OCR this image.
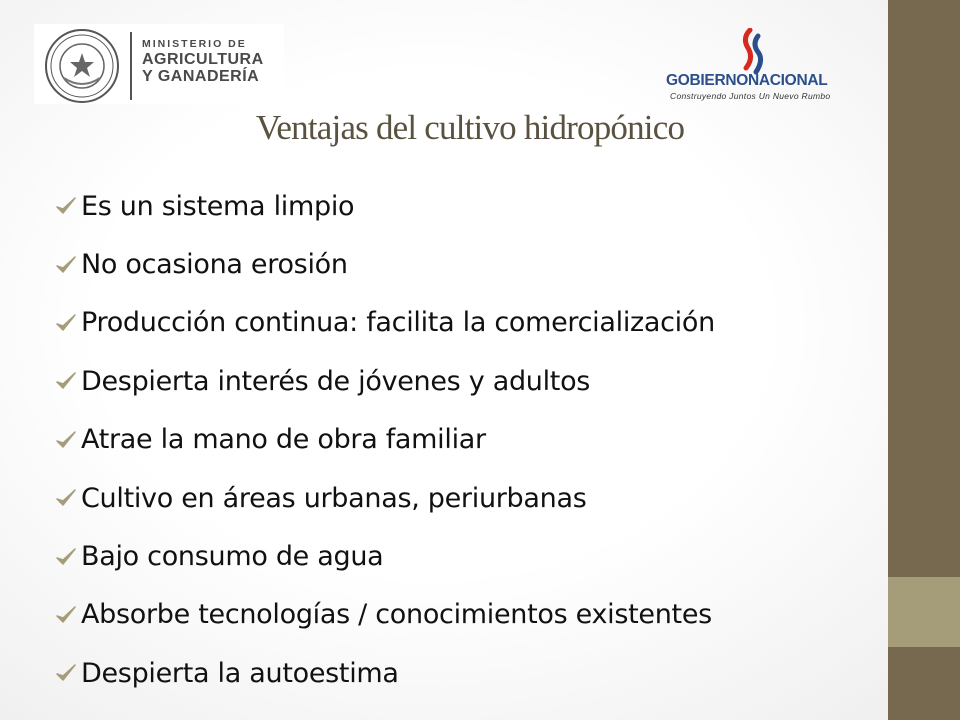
MINISTERIO DE
AGRICULTURA
Y GANADERÍA	GOBIERNONACIONAL
Construyendo Juntos Un Nuevo Rumbo
Ventajas del cultivo hidropónico
Es un sistema limpio
No ocasiona erosión
Producción continua: facilita la comercialización
Despierta interés de jóvenes y adultos
Atrae la mano de obra familiar
Cultivo en áreas urbanas, periurbanas
Bajo consumo de agua
Absorbe tecnologías / conocimientos existentes
Despierta la autoestima
